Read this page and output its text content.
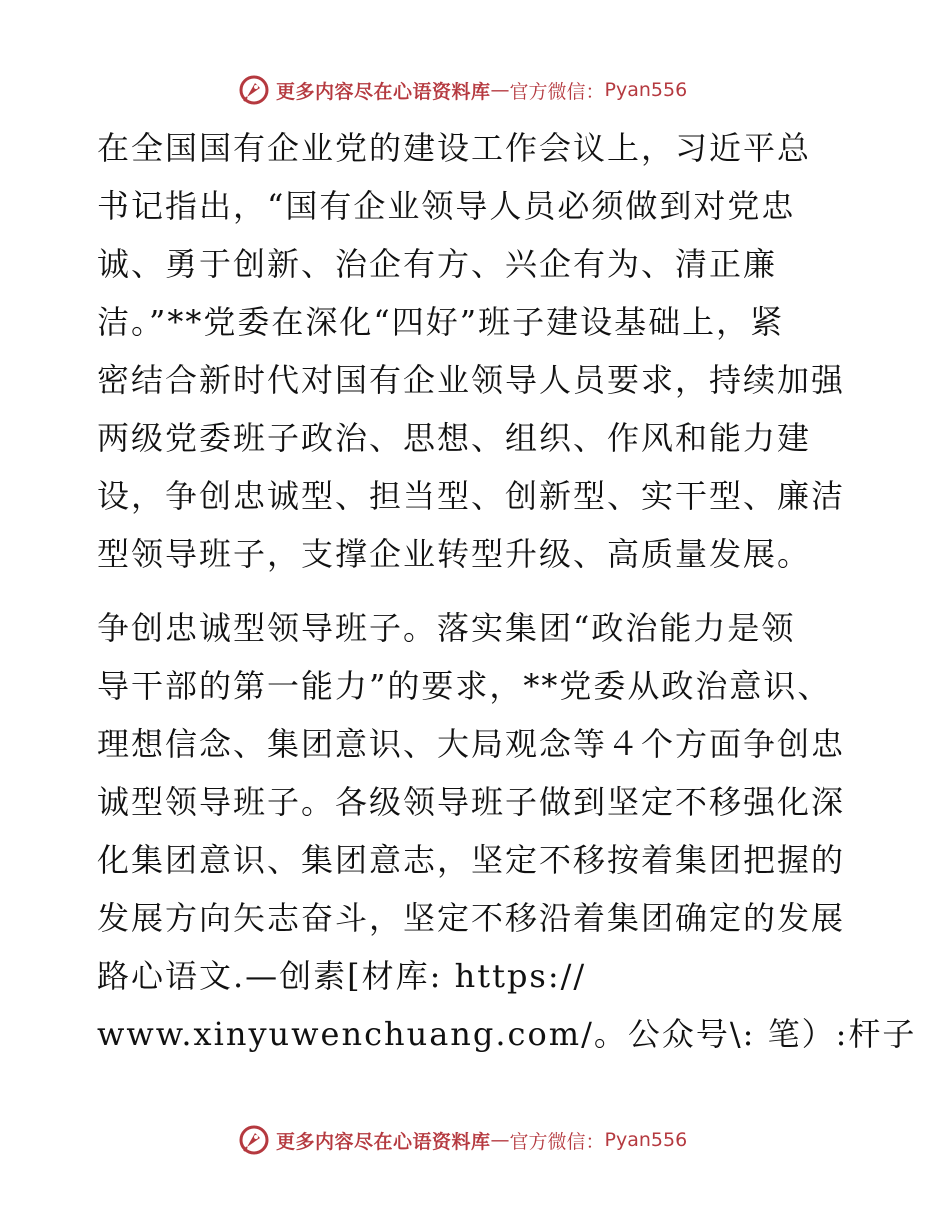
更多内容尽在心语资料库 — 官方微信： Pyan556
在全国国有企业党的建设工作会议上，习近平总
书记指出，“国有企业领导人员必须做到对党忠
诚、勇于创新、治企有方、兴企有为、清正廉
洁。”**党委在深化“四好”班子建设基础上，紧
密结合新时代对国有企业领导人员要求，持续加强
两级党委班子政治、思想、组织、作风和能力建
设，争创忠诚型、担当型、创新型、实干型、廉洁
型领导班子，支撑企业转型升级、高质量发展。
争创忠诚型领导班子。落实集团“政治能力是领
导干部的第一能力”的要求，**党委从政治意识、
理想信念、集团意识、大局观念等４个方面争创忠
诚型领导班子。各级领导班子做到坚定不移强化深
化集团意识、集团意志，坚定不移按着集团把握的
发展方向矢志奋斗，坚定不移沿着集团确定的发展
路心语文.—创素[材库: https://
www.xinyuwenchuang.com/。公众号\: 笔）:杆子
更多内容尽在心语资料库 — 官方微信： Pyan556
